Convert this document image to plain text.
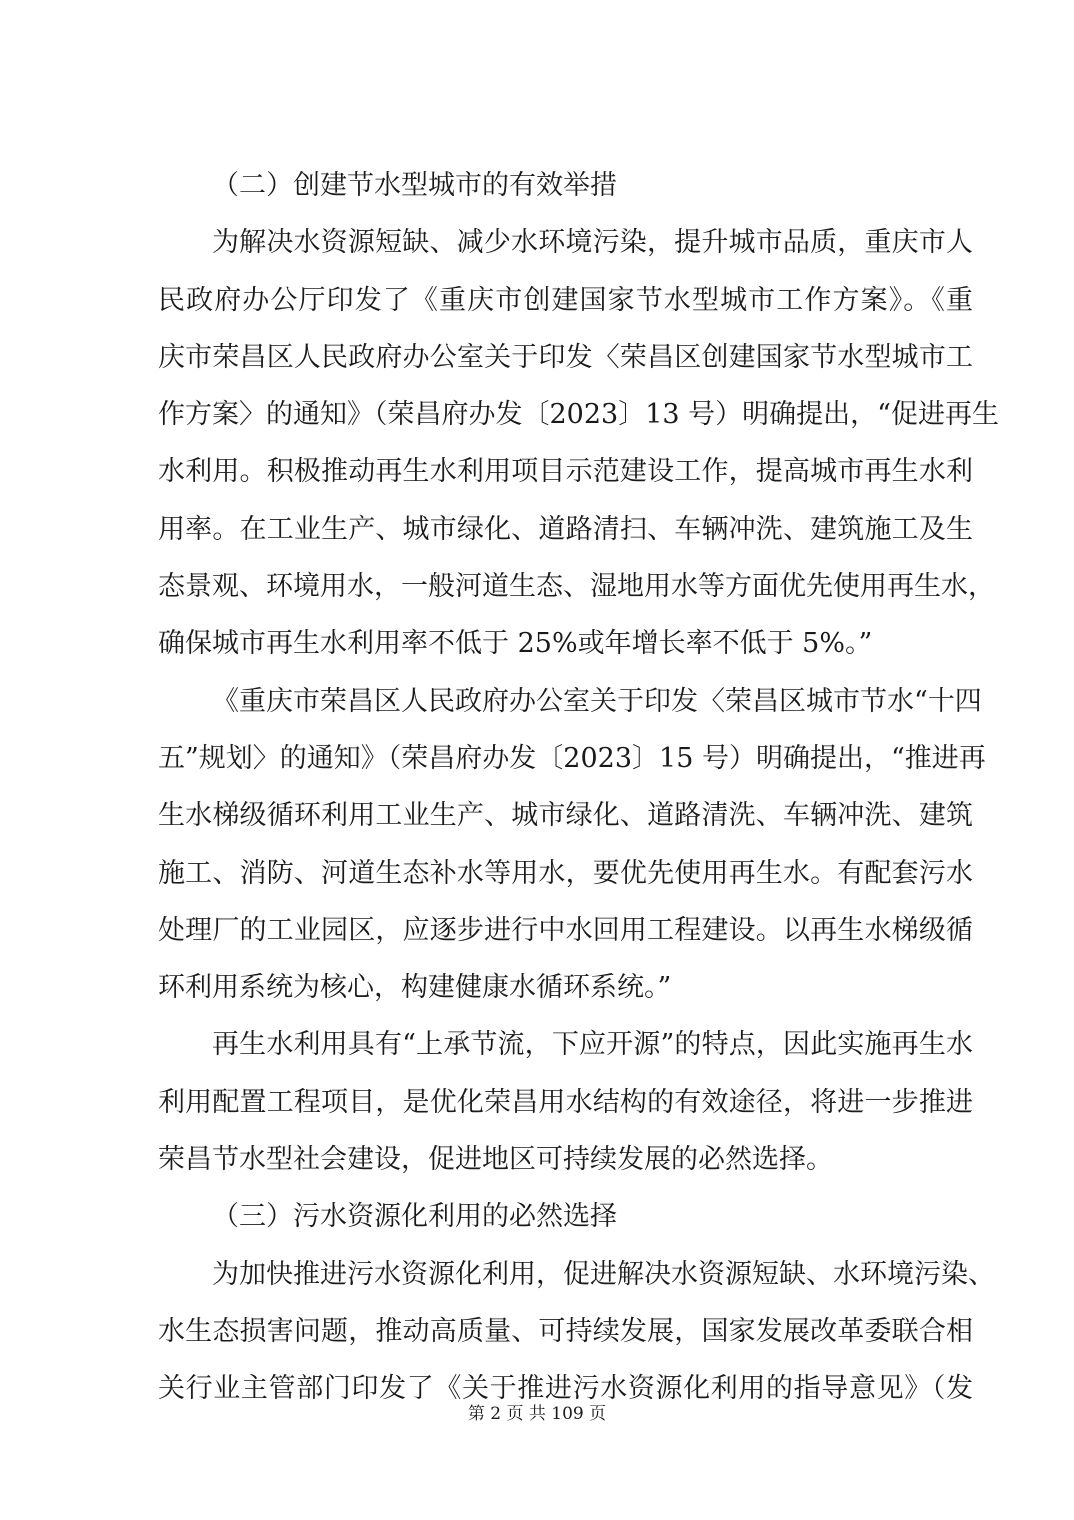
（二）创建节水型城市的有效举措
为解决水资源短缺、减少水环境污染，提升城市品质，重庆市人
民政府办公厅印发了《重庆市创建国家节水型城市工作方案》。《重
庆市荣昌区人民政府办公室关于印发〈荣昌区创建国家节水型城市工
作方案〉的通知》（荣昌府办发〔2023〕13 号）明确提出，“促进再生
水利用。积极推动再生水利用项目示范建设工作，提高城市再生水利
用率。在工业生产、城市绿化、道路清扫、车辆冲洗、建筑施工及生
态景观、环境用水，一般河道生态、湿地用水等方面优先使用再生水，
确保城市再生水利用率不低于 25%或年增长率不低于 5%。”
《重庆市荣昌区人民政府办公室关于印发〈荣昌区城市节水“十四
五”规划〉的通知》（荣昌府办发〔2023〕15 号）明确提出，“推进再
生水梯级循环利用工业生产、城市绿化、道路清洗、车辆冲洗、建筑
施工、消防、河道生态补水等用水，要优先使用再生水。有配套污水
处理厂的工业园区，应逐步进行中水回用工程建设。以再生水梯级循
环利用系统为核心，构建健康水循环系统。”
再生水利用具有“上承节流，下应开源”的特点，因此实施再生水
利用配置工程项目，是优化荣昌用水结构的有效途径，将进一步推进
荣昌节水型社会建设，促进地区可持续发展的必然选择。
（三）污水资源化利用的必然选择
为加快推进污水资源化利用，促进解决水资源短缺、水环境污染、
水生态损害问题，推动高质量、可持续发展，国家发展改革委联合相
关行业主管部门印发了《关于推进污水资源化利用的指导意见》（发
第 2 页 共 109 页
